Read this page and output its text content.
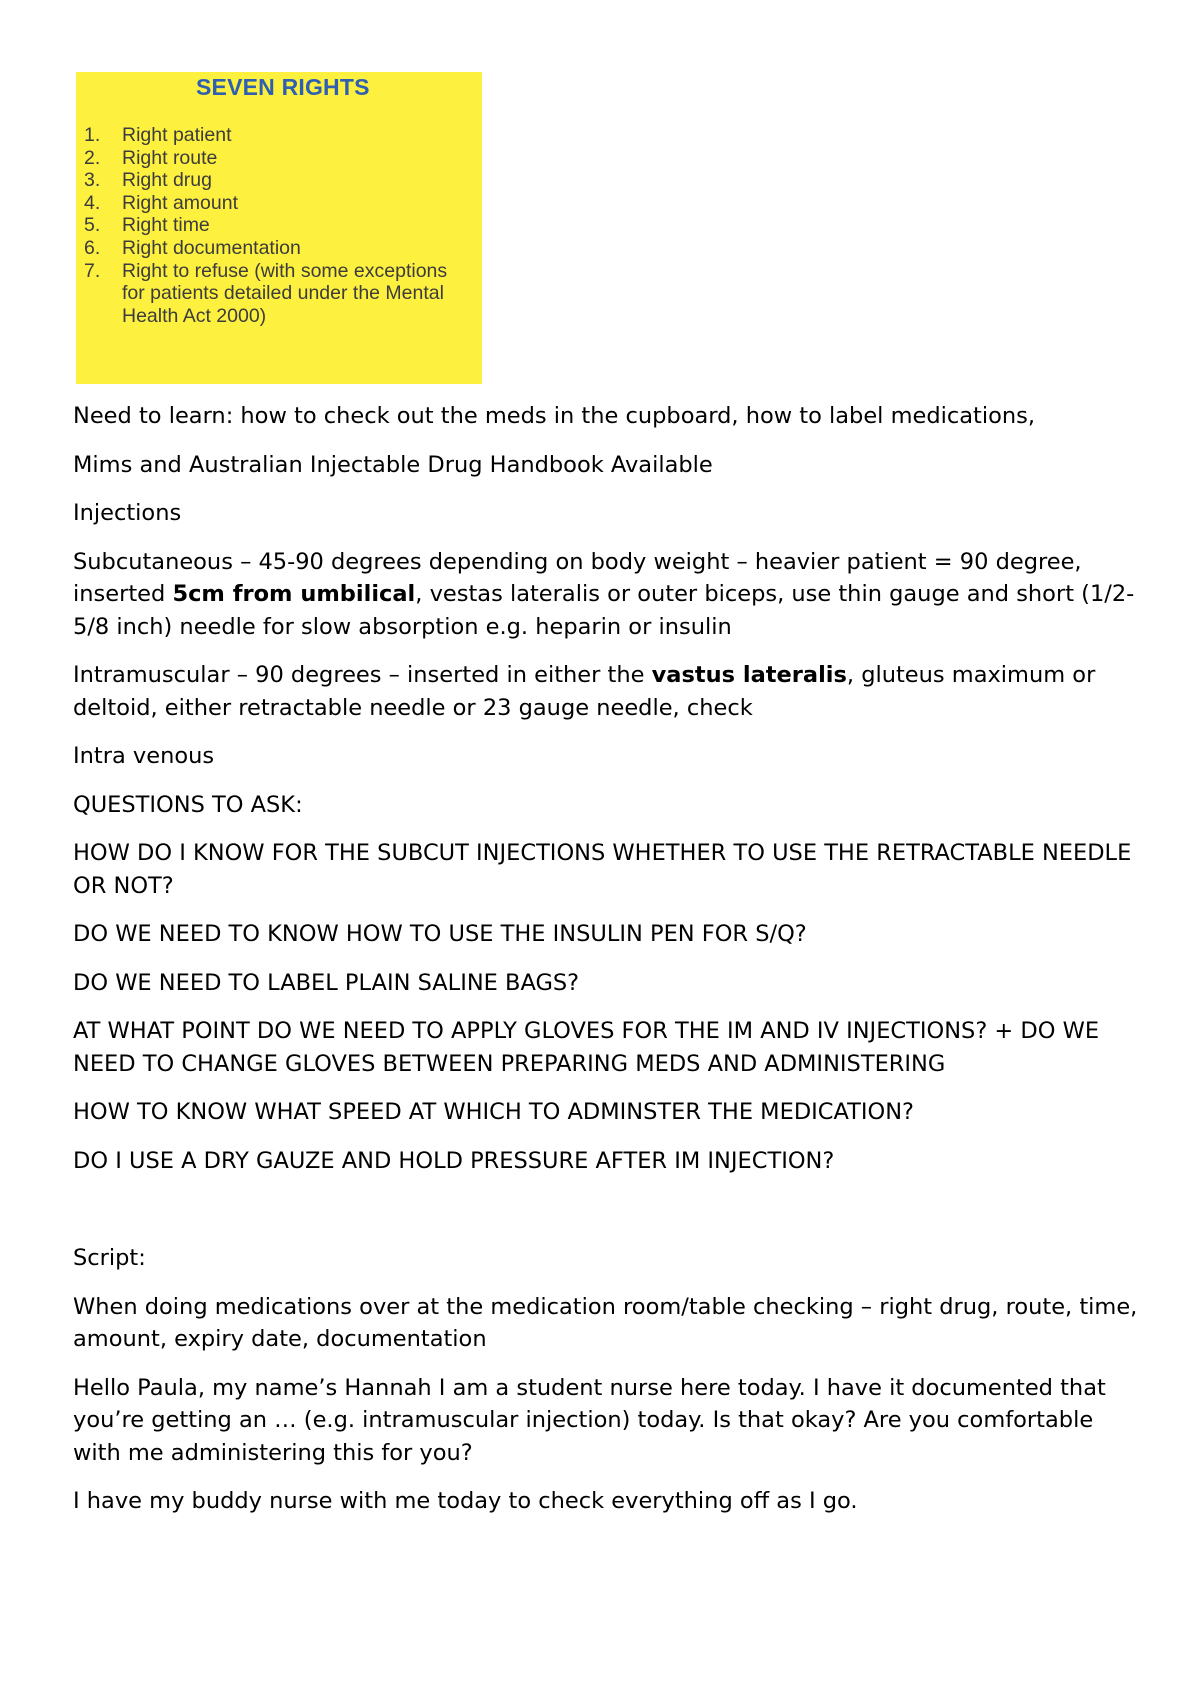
SEVEN RIGHTS
1.	Right patient
2.	Right route
3.	Right drug
4.	Right amount
5.	Right time
6.	Right documentation
7.	Right to refuse (with some exceptions for patients detailed under the Mental Health Act 2000)

Need to learn: how to check out the meds in the cupboard, how to label medications,

Mims and Australian Injectable Drug Handbook Available

Injections

Subcutaneous – 45-90 degrees depending on body weight – heavier patient = 90 degree, inserted 5cm from umbilical, vestas lateralis or outer biceps, use thin gauge and short (1/2-5/8 inch) needle for slow absorption e.g. heparin or insulin

Intramuscular – 90 degrees – inserted in either the vastus lateralis, gluteus maximum or deltoid, either retractable needle or 23 gauge needle, check

Intra venous

QUESTIONS TO ASK:

HOW DO I KNOW FOR THE SUBCUT INJECTIONS WHETHER TO USE THE RETRACTABLE NEEDLE OR NOT?

DO WE NEED TO KNOW HOW TO USE THE INSULIN PEN FOR S/Q?

DO WE NEED TO LABEL PLAIN SALINE BAGS?

AT WHAT POINT DO WE NEED TO APPLY GLOVES FOR THE IM AND IV INJECTIONS? + DO WE NEED TO CHANGE GLOVES BETWEEN PREPARING MEDS AND ADMINISTERING

HOW TO KNOW WHAT SPEED AT WHICH TO ADMINSTER THE MEDICATION?

DO I USE A DRY GAUZE AND HOLD PRESSURE AFTER IM INJECTION?

Script:

When doing medications over at the medication room/table checking – right drug, route, time, amount, expiry date, documentation

Hello Paula, my name’s Hannah I am a student nurse here today. I have it documented that you’re getting an … (e.g. intramuscular injection) today. Is that okay? Are you comfortable with me administering this for you?

I have my buddy nurse with me today to check everything off as I go.
